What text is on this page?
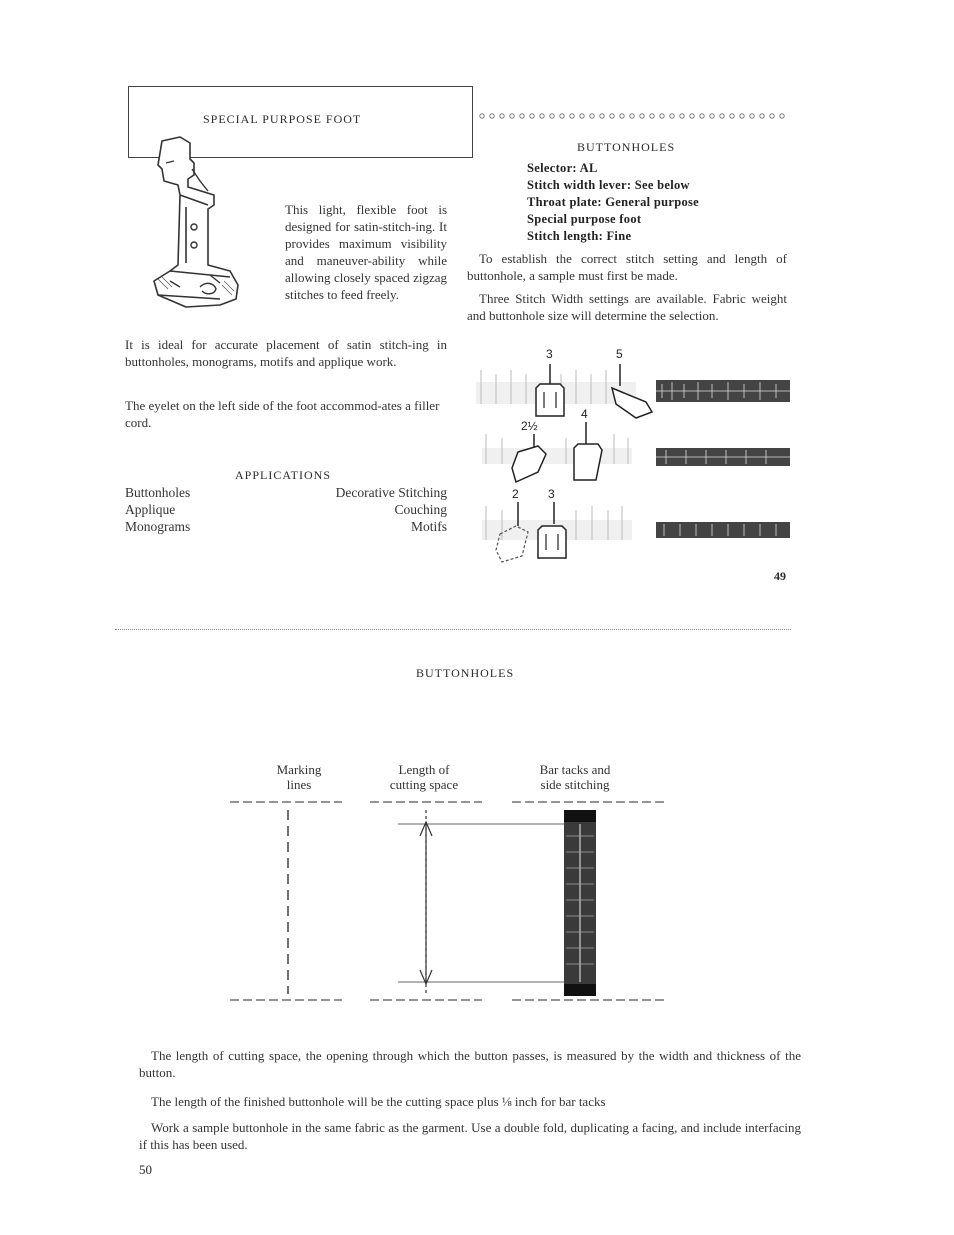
SPECIAL PURPOSE FOOT
This light, flexible foot is designed for satin-stitch-ing. It provides maximum visibility and maneuver-ability while allowing closely spaced zigzag stitches to feed freely.
It is ideal for accurate placement of satin stitch-ing in buttonholes, monograms, motifs and applique work.
The eyelet on the left side of the foot accommod-ates a filler cord.
APPLICATIONS
Buttonholes	Decorative Stitching
Applique	Couching
Monograms	Motifs
BUTTONHOLES
Selector: AL
Stitch width lever: See below
Throat plate: General purpose
Special purpose foot
Stitch length: Fine
To establish the correct stitch setting and length of buttonhole, a sample must first be made.
Three Stitch Width settings are available. Fabric weight and buttonhole size will determine the selection.
3	5
2½
4
2 3
49
BUTTONHOLES
Marking
lines
Length of
cutting space
Bar tacks and
side stitching
The length of cutting space, the opening through which the button passes, is measured by the width and thickness of the button.
The length of the finished buttonhole will be the cutting space plus ⅛ inch for bar tacks
Work a sample buttonhole in the same fabric as the garment. Use a double fold, duplicating a facing, and include interfacing if this has been used.
50
